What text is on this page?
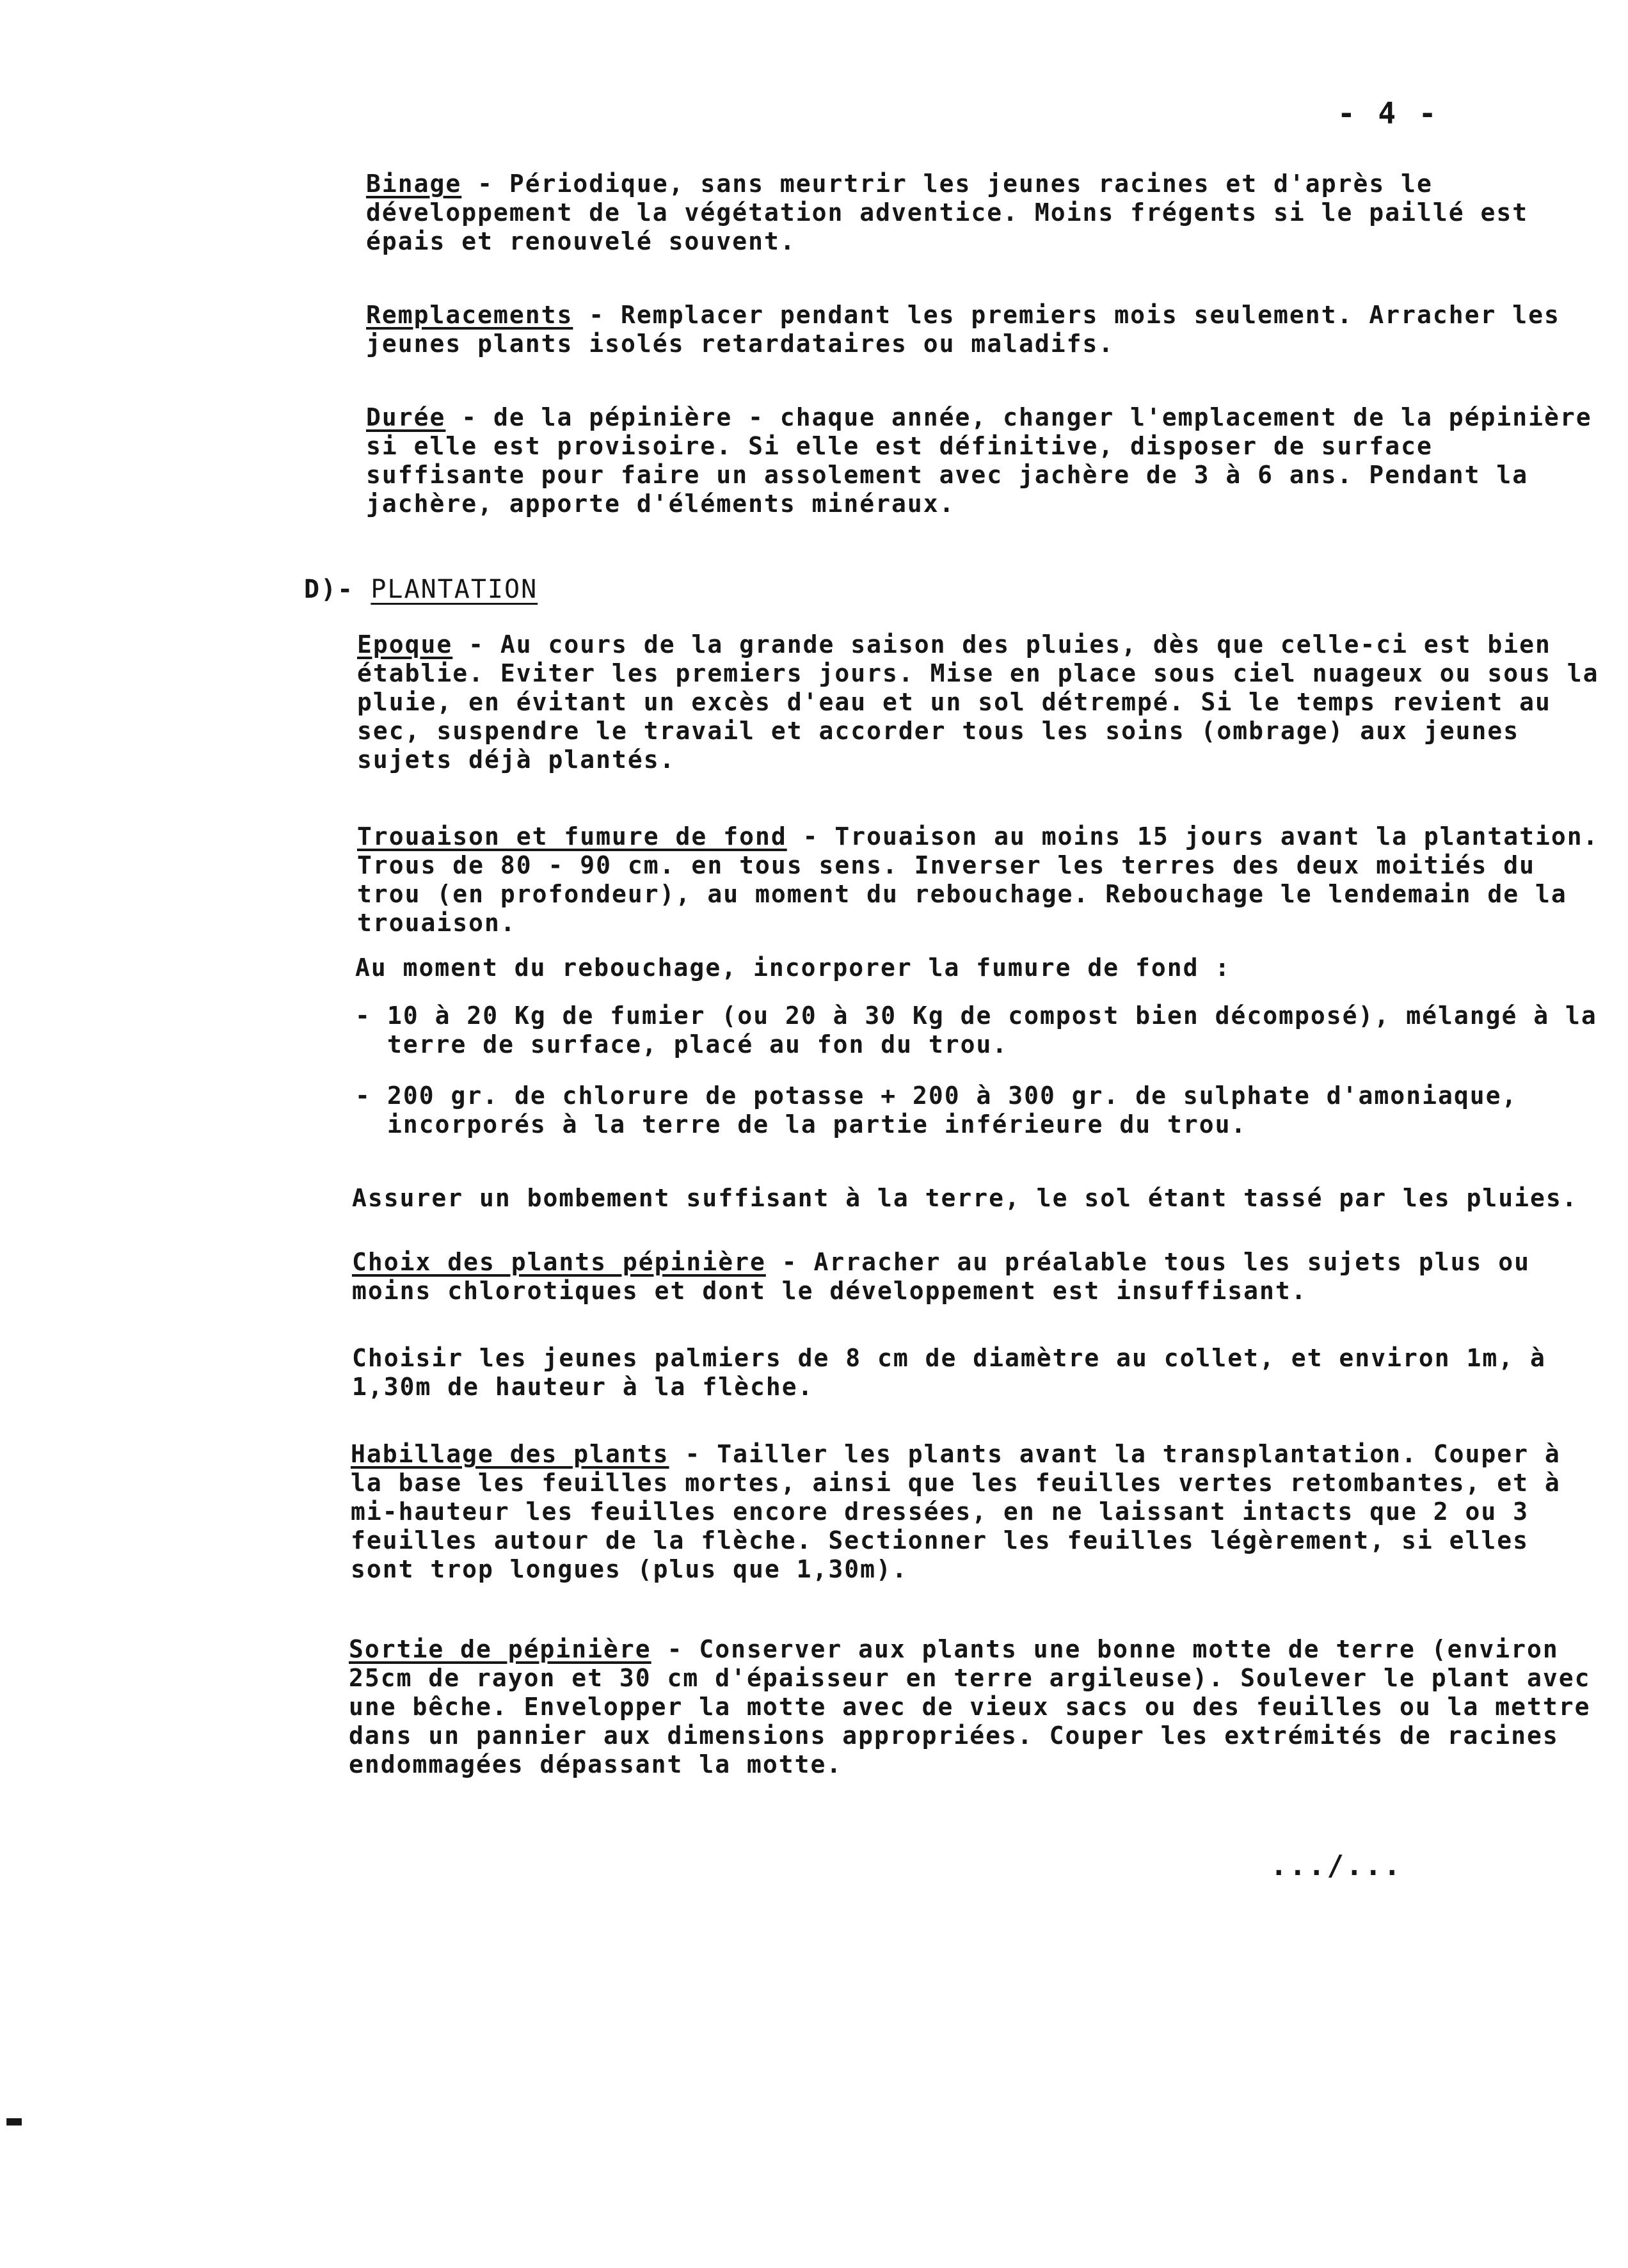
- 4 -

Binage - Périodique, sans meurtrir les jeunes racines et d'après le développement de la végétation adventice. Moins frégents si le paillé est épais et renouvelé souvent.

Remplacements - Remplacer pendant les premiers mois seulement. Arracher les jeunes plants isolés retardataires ou maladifs.

Durée - de la pépinière - chaque année, changer l'emplacement de la pépinière si elle est provisoire. Si elle est définitive, disposer de surface suffisante pour faire un assolement avec jachère de 3 à 6 ans. Pendant la jachère, apporte d'éléments minéraux.

D)- PLANTATION

Epoque - Au cours de la grande saison des pluies, dès que celle-ci est bien établie. Eviter les premiers jours. Mise en place sous ciel nuageux ou sous la pluie, en évitant un excès d'eau et un sol détrempé. Si le temps revient au sec, suspendre le travail et accorder tous les soins (ombrage) aux jeunes sujets déjà plantés.

Trouaison et fumure de fond - Trouaison au moins 15 jours avant la plantation. Trous de 80 - 90 cm. en tous sens. Inverser les terres des deux moitiés du trou (en profondeur), au moment du rebouchage. Rebouchage le lendemain de la trouaison.

Au moment du rebouchage, incorporer la fumure de fond :

- 10 à 20 Kg de fumier (ou 20 à 30 Kg de compost bien décomposé), mélangé à la terre de surface, placé au fon du trou.
- 200 gr. de chlorure de potasse + 200 à 300 gr. de sulphate d'amoniaque, incorporés à la terre de la partie inférieure du trou.

Assurer un bombement suffisant à la terre, le sol étant tassé par les pluies.

Choix des plants pépinière - Arracher au préalable tous les sujets plus ou moins chlorotiques et dont le développement est insuffisant.

Choisir les jeunes palmiers de 8 cm de diamètre au collet, et environ 1m, à 1,30m de hauteur à la flèche.

Habillage des plants - Tailler les plants avant la transplantation. Couper à la base les feuilles mortes, ainsi que les feuilles vertes retombantes, et à mi-hauteur les feuilles encore dressées, en ne laissant intacts que 2 ou 3 feuilles autour de la flèche. Sectionner les feuilles légèrement, si elles sont trop longues (plus que 1,30m).

Sortie de pépinière - Conserver aux plants une bonne motte de terre (environ 25cm de rayon et 30 cm d'épaisseur en terre argileuse). Soulever le plant avec une bêche. Envelopper la motte avec de vieux sacs ou des feuilles ou la mettre dans un pannier aux dimensions appropriées. Couper les extrémités de racines endommagées dépassant la motte.

.../...
▬
